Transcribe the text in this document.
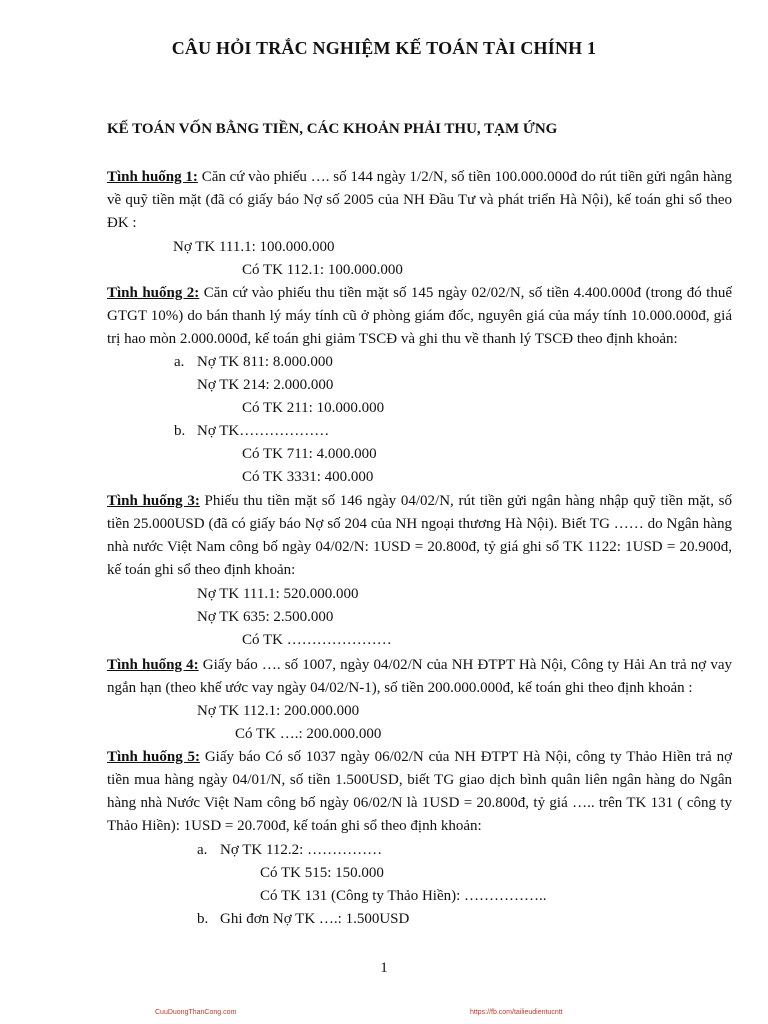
CÂU HỎI TRẮC NGHIỆM KẾ TOÁN TÀI CHÍNH 1
KẾ TOÁN VỐN BẰNG TIỀN, CÁC KHOẢN PHẢI THU, TẠM ỨNG
Tình huống 1: Căn cứ vào phiếu …. số 144 ngày 1/2/N, số tiền 100.000.000đ do rút tiền gửi ngân hàng về quỹ tiền mặt (đã có giấy báo Nợ số 2005 của NH Đầu Tư và phát triển Hà Nội), kế toán ghi sổ theo ĐK :
Nợ TK 111.1: 100.000.000
Có TK 112.1: 100.000.000
Tình huống 2: Căn cứ vào phiếu thu tiền mặt số 145 ngày 02/02/N, số tiền 4.400.000đ (trong đó thuế GTGT 10%) do bán thanh lý máy tính cũ ở phòng giám đốc, nguyên giá của máy tính 10.000.000đ, giá trị hao mòn 2.000.000đ, kế toán ghi giảm TSCĐ và ghi thu về thanh lý TSCĐ theo định khoản:
a. Nợ TK 811: 8.000.000
Nợ TK 214: 2.000.000
Có TK 211: 10.000.000
b. Nợ TK………………
Có TK 711: 4.000.000
Có TK 3331: 400.000
Tình huống 3: Phiếu thu tiền mặt số 146 ngày 04/02/N, rút tiền gửi ngân hàng nhập quỹ tiền mặt, số tiền 25.000USD (đã có giấy báo Nợ số 204 của NH ngoại thương Hà Nội). Biết TG …… do Ngân hàng nhà nước Việt Nam công bố ngày 04/02/N: 1USD = 20.800đ, tỷ giá ghi sổ TK 1122: 1USD = 20.900đ, kế toán ghi sổ theo định khoản:
Nợ TK 111.1: 520.000.000
Nợ TK 635: 2.500.000
Có TK …………………
Tình huống 4: Giấy báo …. số 1007, ngày 04/02/N của NH ĐTPT Hà Nội, Công ty Hải An trả nợ vay ngắn hạn (theo khế ước vay ngày 04/02/N-1), số tiền 200.000.000đ, kế toán ghi theo định khoản :
Nợ TK 112.1: 200.000.000
Có TK ….: 200.000.000
Tình huống 5: Giấy báo Có số 1037 ngày 06/02/N của NH ĐTPT Hà Nội, công ty Thảo Hiền trả nợ tiền mua hàng ngày 04/01/N, số tiền 1.500USD, biết TG giao dịch bình quân liên ngân hàng do Ngân hàng nhà Nước Việt Nam công bố ngày 06/02/N là 1USD = 20.800đ, tỷ giá ….. trên TK 131 ( công ty Thảo Hiền): 1USD = 20.700đ, kế toán ghi sổ theo định khoản:
a. Nợ TK 112.2: ……………
Có TK 515: 150.000
Có TK 131 (Công ty Thảo Hiền): ……………..
b. Ghi đơn Nợ TK ….: 1.500USD
1
CuuDuongThanCong.com	https://fb.com/tailieudientucntt
